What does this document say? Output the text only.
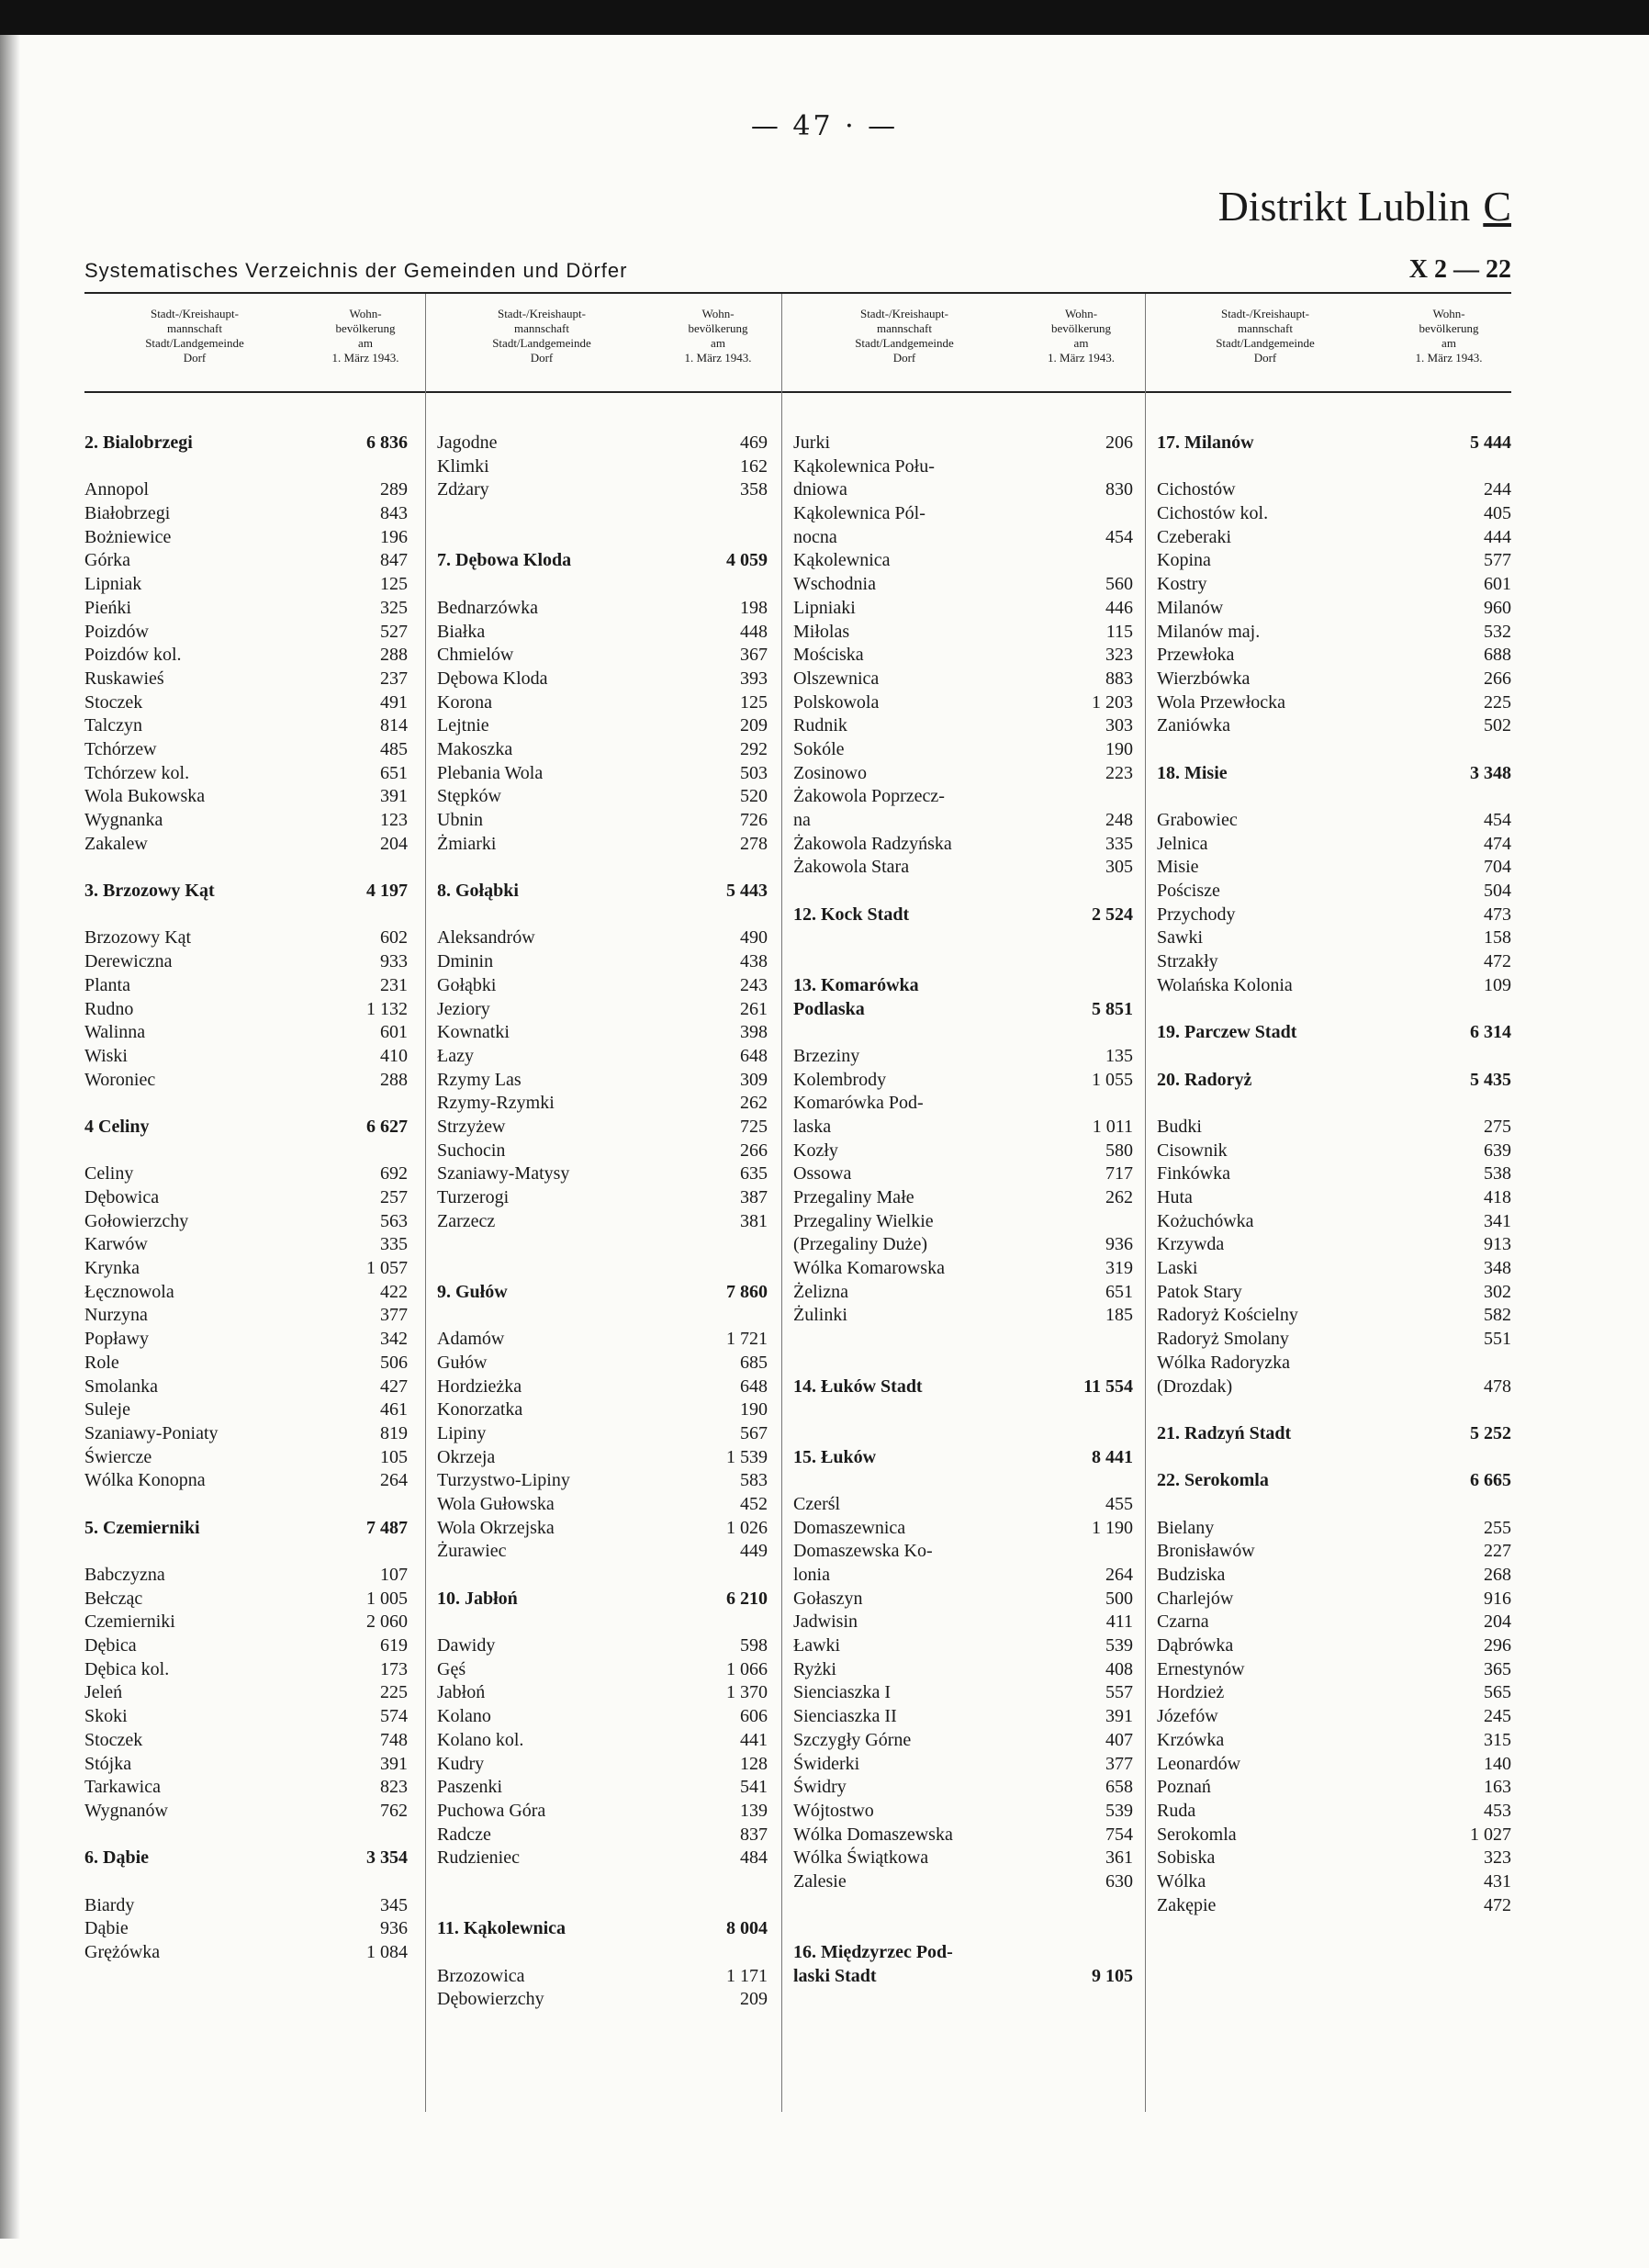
— 47 · —
Distrikt Lublin C
Systematisches Verzeichnis der Gemeinden und Dörfer	X 2 — 22
Stadt-/Kreishaupt-
mannschaft
Stadt/Landgemeinde
Dorf
Wohn-
bevölkerung
am
1. März 1943.
Stadt-/Kreishaupt-
mannschaft
Stadt/Landgemeinde
Dorf
Wohn-
bevölkerung
am
1. März 1943.
Stadt-/Kreishaupt-
mannschaft
Stadt/Landgemeinde
Dorf
Wohn-
bevölkerung
am
1. März 1943.
Stadt-/Kreishaupt-
mannschaft
Stadt/Landgemeinde
Dorf
Wohn-
bevölkerung
am
1. März 1943.
2. Bialobrzegi	6 836
Annopol	289
Białobrzegi	843
Bożniewice	196
Górka	847
Lipniak	125
Pieńki	325
Poizdów	527
Poizdów kol.	288
Ruskawieś	237
Stoczek	491
Talczyn	814
Tchórzew	485
Tchórzew kol.	651
Wola Bukowska	391
Wygnanka	123
Zakalew	204
3. Brzozowy Kąt	4 197
Brzozowy Kąt	602
Derewiczna	933
Planta	231
Rudno	1 132
Walinna	601
Wiski	410
Woroniec	288
4 Celiny	6 627
Celiny	692
Dębowica	257
Gołowierzchy	563
Karwów	335
Krynka	1 057
Łęcznowola	422
Nurzyna	377
Popławy	342
Role	506
Smolanka	427
Suleje	461
Szaniawy-Poniaty	819
Świercze	105
Wólka Konopna	264
5. Czemierniki	7 487
Babczyzna	107
Bełcząc	1 005
Czemierniki	2 060
Dębica	619
Dębica kol.	173
Jeleń	225
Skoki	574
Stoczek	748
Stójka	391
Tarkawica	823
Wygnanów	762
6. Dąbie	3 354
Biardy	345
Dąbie	936
Grężówka	1 084
Jagodne	469
Klimki	162
Zdżary	358
7. Dębowa Kloda	4 059
Bednarzówka	198
Białka	448
Chmielów	367
Dębowa Kloda	393
Korona	125
Lejtnie	209
Makoszka	292
Plebania Wola	503
Stępków	520
Ubnin	726
Żmiarki	278
8. Gołąbki	5 443
Aleksandrów	490
Dminin	438
Gołąbki	243
Jeziory	261
Kownatki	398
Łazy	648
Rzymy Las	309
Rzymy-Rzymki	262
Strzyżew	725
Suchocin	266
Szaniawy-Matysy	635
Turzerogi	387
Zarzecz	381
9. Gułów	7 860
Adamów	1 721
Gułów	685
Hordzieżka	648
Konorzatka	190
Lipiny	567
Okrzeja	1 539
Turzystwo-Lipiny	583
Wola Gułowska	452
Wola Okrzejska	1 026
Żurawiec	449
10. Jabłoń	6 210
Dawidy	598
Gęś	1 066
Jabłoń	1 370
Kolano	606
Kolano kol.	441
Kudry	128
Paszenki	541
Puchowa Góra	139
Radcze	837
Rudzieniec	484
11. Kąkolewnica	8 004
Brzozowica	1 171
Dębowierzchy	209
Jurki	206
Kąkolewnica Połu-
dniowa	830
Kąkolewnica Pól-
nocna	454
Kąkolewnica
Wschodnia	560
Lipniaki	446
Miłolas	115
Mościska	323
Olszewnica	883
Polskowola	1 203
Rudnik	303
Sokóle	190
Zosinowo	223
Żakowola Poprzecz-
na	248
Żakowola Radzyńska	335
Żakowola Stara	305
12. Kock Stadt	2 524
13. Komarówka
Podlaska	5 851
Brzeziny	135
Kolembrody	1 055
Komarówka Pod-
laska	1 011
Kozły	580
Ossowa	717
Przegaliny Małe	262
Przegaliny Wielkie
(Przegaliny Duże)	936
Wólka Komarowska	319
Żelizna	651
Żulinki	185
14. Łuków Stadt	11 554
15. Łuków	8 441
Czerśl	455
Domaszewnica	1 190
Domaszewska Ko-
lonia	264
Gołaszyn	500
Jadwisin	411
Ławki	539
Ryżki	408
Sienciaszka I	557
Sienciaszka II	391
Szczygły Górne	407
Świderki	377
Świdry	658
Wójtostwo	539
Wólka Domaszewska	754
Wólka Świątkowa	361
Zalesie	630
16. Międzyrzec Pod-
laski Stadt	9 105
17. Milanów	5 444
Cichostów	244
Cichostów kol.	405
Czeberaki	444
Kopina	577
Kostry	601
Milanów	960
Milanów maj.	532
Przewłoka	688
Wierzbówka	266
Wola Przewłocka	225
Zaniówka	502
18. Misie	3 348
Grabowiec	454
Jelnica	474
Misie	704
Pościsze	504
Przychody	473
Sawki	158
Strzakły	472
Wolańska Kolonia	109
19. Parczew Stadt	6 314
20. Radoryż	5 435
Budki	275
Cisownik	639
Finkówka	538
Huta	418
Kożuchówka	341
Krzywda	913
Laski	348
Patok Stary	302
Radoryż Kościelny	582
Radoryż Smolany	551
Wólka Radoryzka
(Drozdak)	478
21. Radzyń Stadt	5 252
22. Serokomla	6 665
Bielany	255
Bronisławów	227
Budziska	268
Charlejów	916
Czarna	204
Dąbrówka	296
Ernestynów	365
Hordzież	565
Józefów	245
Krzówka	315
Leonardów	140
Poznań	163
Ruda	453
Serokomla	1 027
Sobiska	323
Wólka	431
Zakępie	472
